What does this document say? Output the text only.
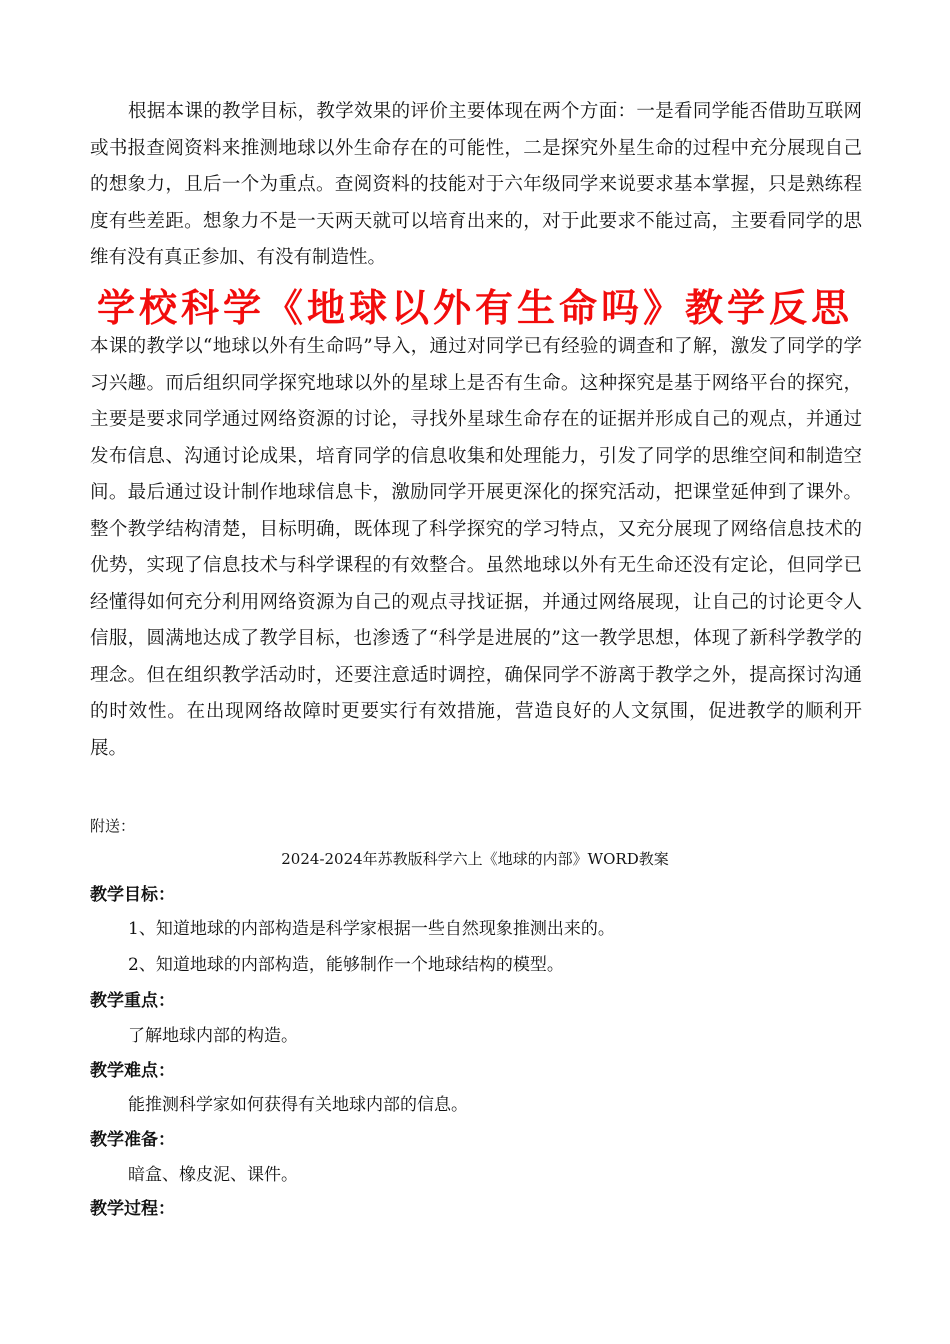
根据本课的教学目标，教学效果的评价主要体现在两个方面：一是看同学能否借助互联网或书报查阅资料来推测地球以外生命存在的可能性，二是探究外星生命的过程中充分展现自己的想象力，且后一个为重点。查阅资料的技能对于六年级同学来说要求基本掌握，只是熟练程度有些差距。想象力不是一天两天就可以培育出来的，对于此要求不能过高，主要看同学的思维有没有真正参加、有没有制造性。
学校科学《地球以外有生命吗》教学反思
本课的教学以“地球以外有生命吗”导入，通过对同学已有经验的调查和了解，激发了同学的学习兴趣。而后组织同学探究地球以外的星球上是否有生命。这种探究是基于网络平台的探究，主要是要求同学通过网络资源的讨论，寻找外星球生命存在的证据并形成自己的观点，并通过发布信息、沟通讨论成果，培育同学的信息收集和处理能力，引发了同学的思维空间和制造空间。最后通过设计制作地球信息卡，激励同学开展更深化的探究活动，把课堂延伸到了课外。整个教学结构清楚，目标明确，既体现了科学探究的学习特点，又充分展现了网络信息技术的优势，实现了信息技术与科学课程的有效整合。虽然地球以外有无生命还没有定论，但同学已经懂得如何充分利用网络资源为自己的观点寻找证据，并通过网络展现，让自己的讨论更令人信服，圆满地达成了教学目标，也渗透了“科学是进展的”这一教学思想，体现了新科学教学的理念。但在组织教学活动时，还要注意适时调控，确保同学不游离于教学之外，提高探讨沟通的时效性。在出现网络故障时更要实行有效措施，营造良好的人文氛围，促进教学的顺利开展。
附送：
2024-2024年苏教版科学六上《地球的内部》WORD教案
教学目标：
1、知道地球的内部构造是科学家根据一些自然现象推测出来的。
2、知道地球的内部构造，能够制作一个地球结构的模型。
教学重点：
了解地球内部的构造。
教学难点：
能推测科学家如何获得有关地球内部的信息。
教学准备：
暗盒、橡皮泥、课件。
教学过程：
